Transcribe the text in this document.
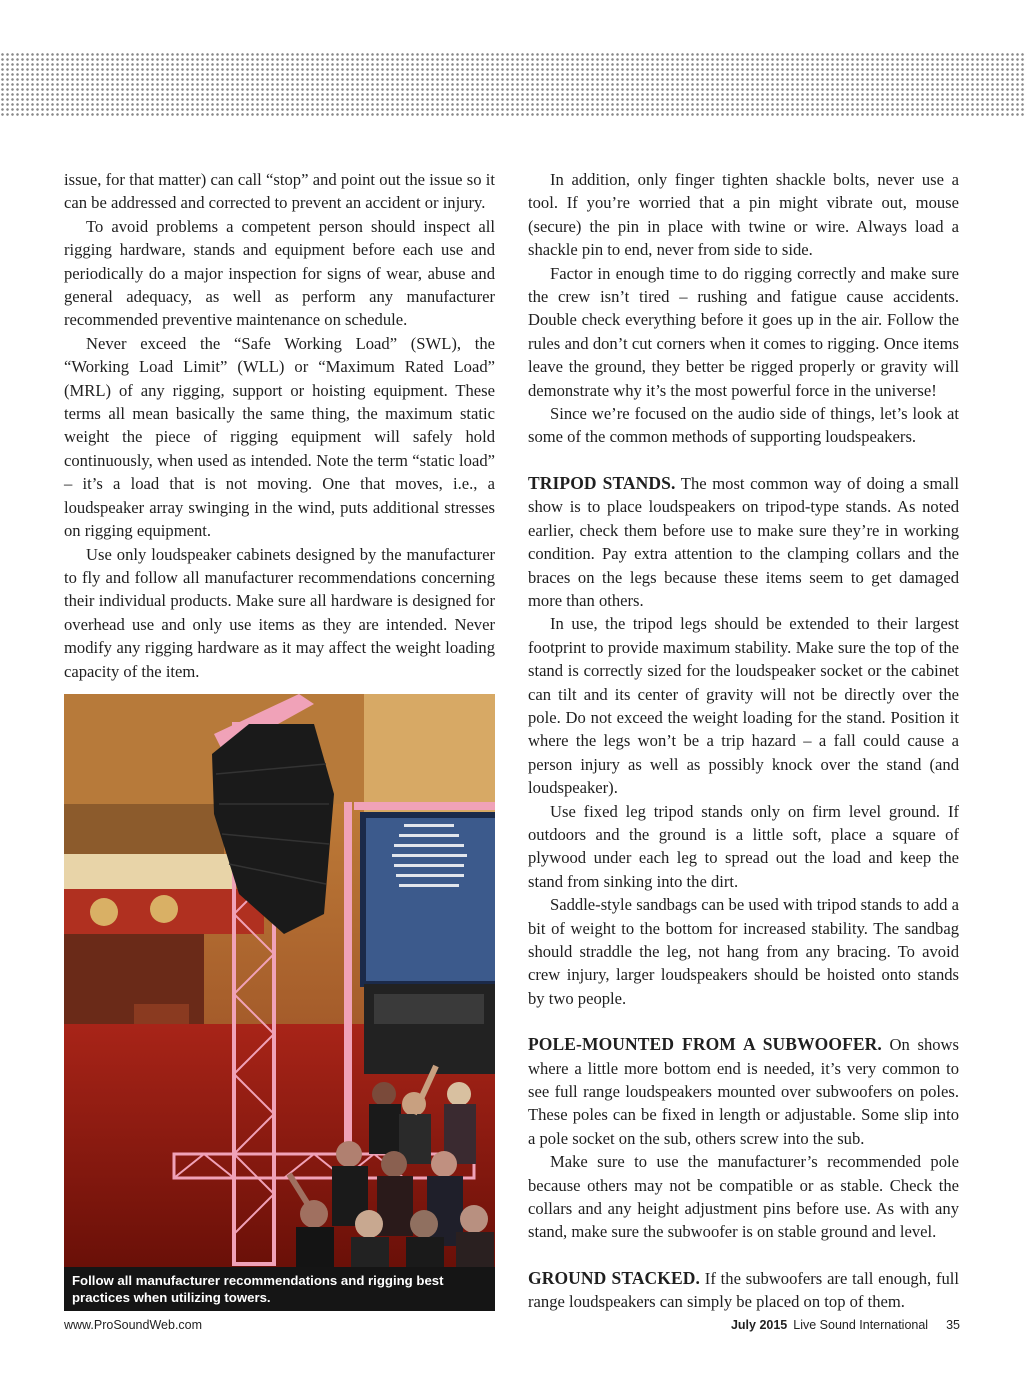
issue, for that matter) can call “stop” and point out the issue so it can be addressed and corrected to prevent an accident or injury.

To avoid problems a competent person should inspect all rigging hardware, stands and equipment before each use and periodically do a major inspection for signs of wear, abuse and general adequacy, as well as perform any manufacturer recommended preventive maintenance on schedule.

Never exceed the “Safe Working Load” (SWL), the “Working Load Limit” (WLL) or “Maximum Rated Load” (MRL) of any rigging, support or hoisting equipment. These terms all mean basically the same thing, the maximum static weight the piece of rigging equipment will safely hold continuously, when used as intended. Note the term “static load” – it’s a load that is not moving. One that moves, i.e., a loudspeaker array swinging in the wind, puts additional stresses on rigging equipment.

Use only loudspeaker cabinets designed by the manufacturer to fly and follow all manufacturer recommendations concerning their individual products. Make sure all hardware is designed for overhead use and only use items as they are intended. Never modify any rigging hardware as it may affect the weight loading capacity of the item.

Follow all manufacturer recommendations and rigging best practices when utilizing towers.

In addition, only finger tighten shackle bolts, never use a tool. If you’re worried that a pin might vibrate out, mouse (secure) the pin in place with twine or wire. Always load a shackle pin to end, never from side to side.

Factor in enough time to do rigging correctly and make sure the crew isn’t tired – rushing and fatigue cause accidents. Double check everything before it goes up in the air. Follow the rules and don’t cut corners when it comes to rigging. Once items leave the ground, they better be rigged properly or gravity will demonstrate why it’s the most powerful force in the universe!

Since we’re focused on the audio side of things, let’s look at some of the common methods of supporting loudspeakers.

TRIPOD STANDS. The most common way of doing a small show is to place loudspeakers on tripod-type stands. As noted earlier, check them before use to make sure they’re in working condition. Pay extra attention to the clamping collars and the braces on the legs because these items seem to get damaged more than others.

In use, the tripod legs should be extended to their largest footprint to provide maximum stability. Make sure the top of the stand is correctly sized for the loudspeaker socket or the cabinet can tilt and its center of gravity will not be directly over the pole. Do not exceed the weight loading for the stand. Position it where the legs won’t be a trip hazard – a fall could cause a person injury as well as possibly knock over the stand (and loudspeaker).

Use fixed leg tripod stands only on firm level ground. If outdoors and the ground is a little soft, place a square of plywood under each leg to spread out the load and keep the stand from sinking into the dirt.

Saddle-style sandbags can be used with tripod stands to add a bit of weight to the bottom for increased stability. The sandbag should straddle the leg, not hang from any bracing. To avoid crew injury, larger loudspeakers should be hoisted onto stands by two people.

POLE-MOUNTED FROM A SUBWOOFER. On shows where a little more bottom end is needed, it’s very common to see full range loudspeakers mounted over subwoofers on poles. These poles can be fixed in length or adjustable. Some slip into a pole socket on the sub, others screw into the sub.

Make sure to use the manufacturer’s recommended pole because others may not be compatible or as stable. Check the collars and any height adjustment pins before use. As with any stand, make sure the subwoofer is on stable ground and level.

GROUND STACKED. If the subwoofers are tall enough, full range loudspeakers can simply be placed on top of them.

www.ProSoundWeb.com	July 2015 Live Sound International 35
